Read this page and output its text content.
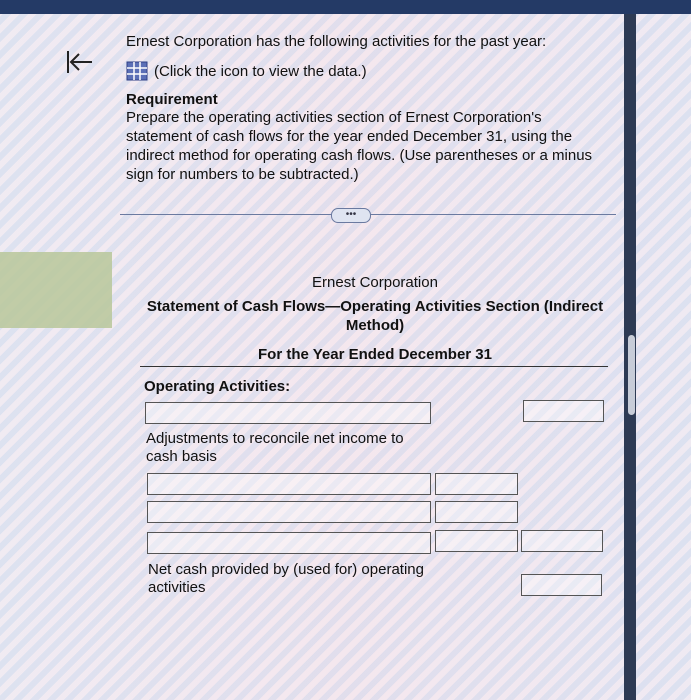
Ernest Corporation has the following activities for the past year:
(Click the icon to view the data.)
Requirement
Prepare the operating activities section of Ernest Corporation's statement of cash flows for the year ended December 31, using the indirect method for operating cash flows. (Use parentheses or a minus sign for numbers to be subtracted.)
•••
Ernest Corporation
Statement of Cash Flows—Operating Activities Section (Indirect Method)
For the Year Ended December 31
Operating Activities:
Adjustments to reconcile net income to cash basis
Net cash provided by (used for) operating activities
